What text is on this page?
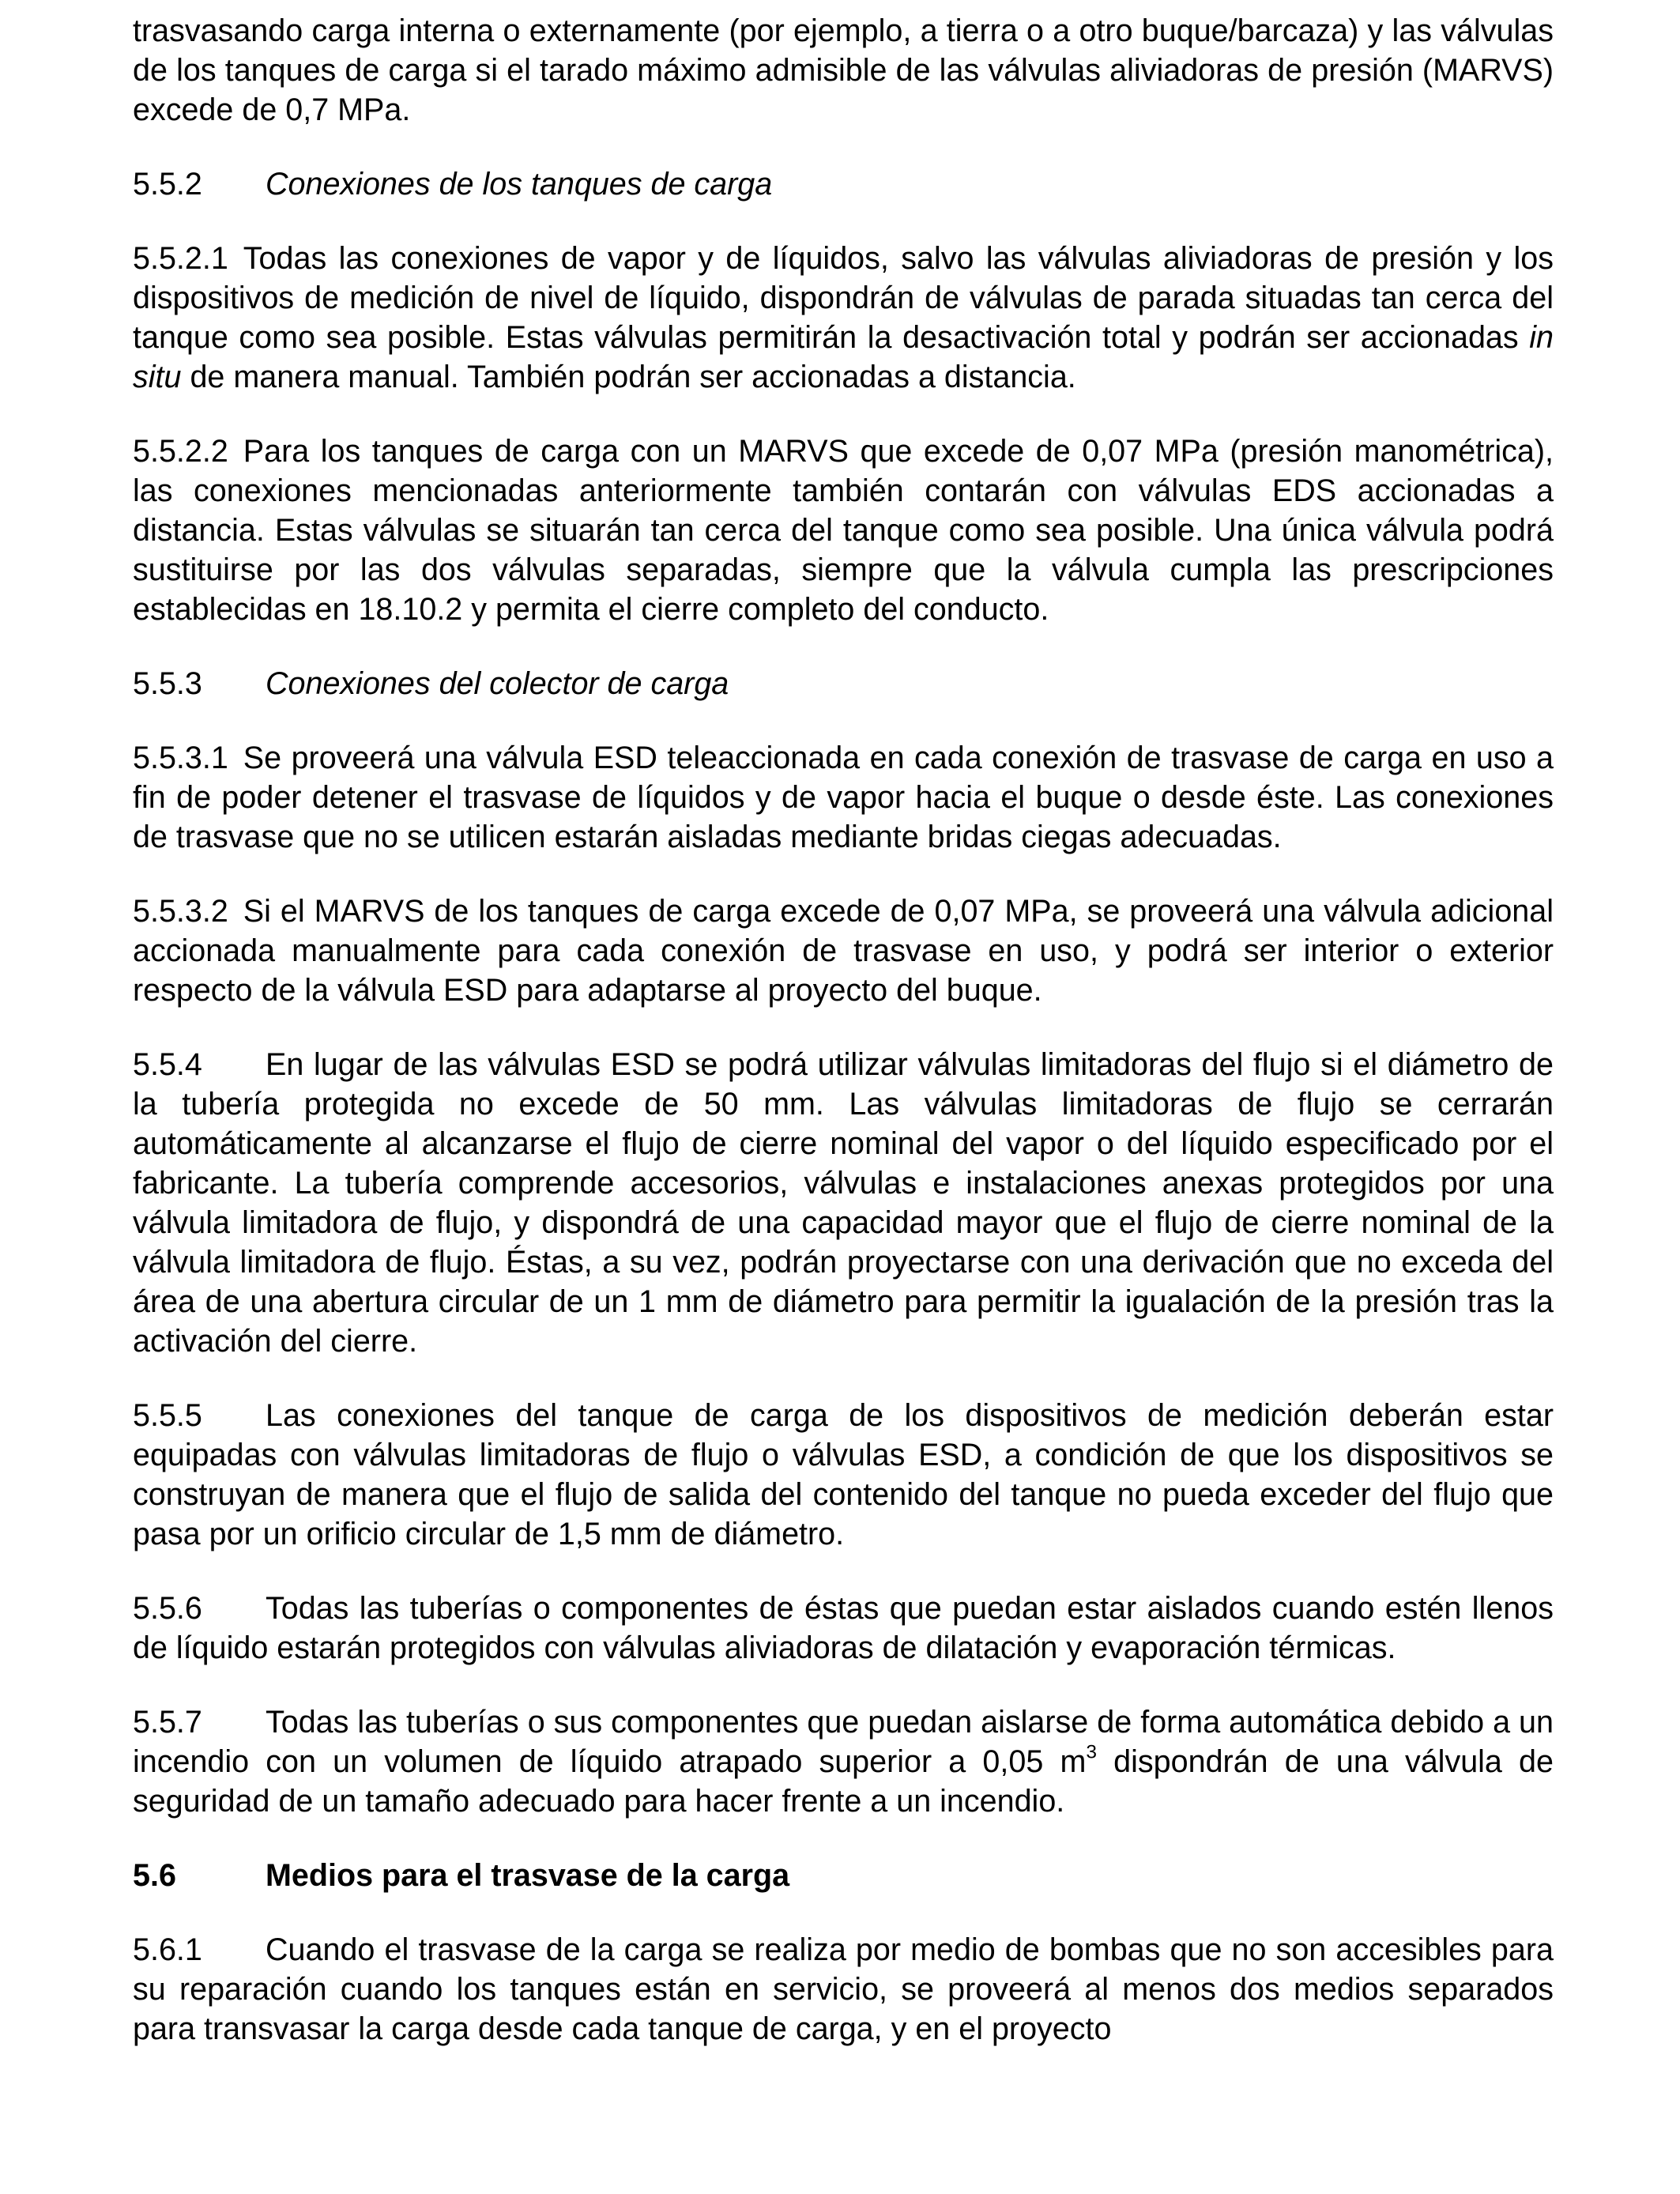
trasvasando carga interna o externamente (por ejemplo, a tierra o a otro buque/barcaza) y las válvulas de los tanques de carga si el tarado máximo admisible de las válvulas aliviadoras de presión (MARVS) excede de 0,7 MPa.

5.5.2 Conexiones de los tanques de carga

5.5.2.1 Todas las conexiones de vapor y de líquidos, salvo las válvulas aliviadoras de presión y los dispositivos de medición de nivel de líquido, dispondrán de válvulas de parada situadas tan cerca del tanque como sea posible. Estas válvulas permitirán la desactivación total y podrán ser accionadas in situ de manera manual. También podrán ser accionadas a distancia.

5.5.2.2 Para los tanques de carga con un MARVS que excede de 0,07 MPa (presión manométrica), las conexiones mencionadas anteriormente también contarán con válvulas EDS accionadas a distancia. Estas válvulas se situarán tan cerca del tanque como sea posible. Una única válvula podrá sustituirse por las dos válvulas separadas, siempre que la válvula cumpla las prescripciones establecidas en 18.10.2 y permita el cierre completo del conducto.

5.5.3 Conexiones del colector de carga

5.5.3.1 Se proveerá una válvula ESD teleaccionada en cada conexión de trasvase de carga en uso a fin de poder detener el trasvase de líquidos y de vapor hacia el buque o desde éste. Las conexiones de trasvase que no se utilicen estarán aisladas mediante bridas ciegas adecuadas.

5.5.3.2 Si el MARVS de los tanques de carga excede de 0,07 MPa, se proveerá una válvula adicional accionada manualmente para cada conexión de trasvase en uso, y podrá ser interior o exterior respecto de la válvula ESD para adaptarse al proyecto del buque.

5.5.4 En lugar de las válvulas ESD se podrá utilizar válvulas limitadoras del flujo si el diámetro de la tubería protegida no excede de 50 mm. Las válvulas limitadoras de flujo se cerrarán automáticamente al alcanzarse el flujo de cierre nominal del vapor o del líquido especificado por el fabricante. La tubería comprende accesorios, válvulas e instalaciones anexas protegidos por una válvula limitadora de flujo, y dispondrá de una capacidad mayor que el flujo de cierre nominal de la válvula limitadora de flujo. Éstas, a su vez, podrán proyectarse con una derivación que no exceda del área de una abertura circular de un 1 mm de diámetro para permitir la igualación de la presión tras la activación del cierre.

5.5.5 Las conexiones del tanque de carga de los dispositivos de medición deberán estar equipadas con válvulas limitadoras de flujo o válvulas ESD, a condición de que los dispositivos se construyan de manera que el flujo de salida del contenido del tanque no pueda exceder del flujo que pasa por un orificio circular de 1,5 mm de diámetro.

5.5.6 Todas las tuberías o componentes de éstas que puedan estar aislados cuando estén llenos de líquido estarán protegidos con válvulas aliviadoras de dilatación y evaporación térmicas.

5.5.7 Todas las tuberías o sus componentes que puedan aislarse de forma automática debido a un incendio con un volumen de líquido atrapado superior a 0,05 $m^3$ dispondrán de una válvula de seguridad de un tamaño adecuado para hacer frente a un incendio.

5.6	Medios para el trasvase de la carga

5.6.1 Cuando el trasvase de la carga se realiza por medio de bombas que no son accesibles para su reparación cuando los tanques están en servicio, se proveerá al menos dos medios separados para transvasar la carga desde cada tanque de carga, y en el proyecto
